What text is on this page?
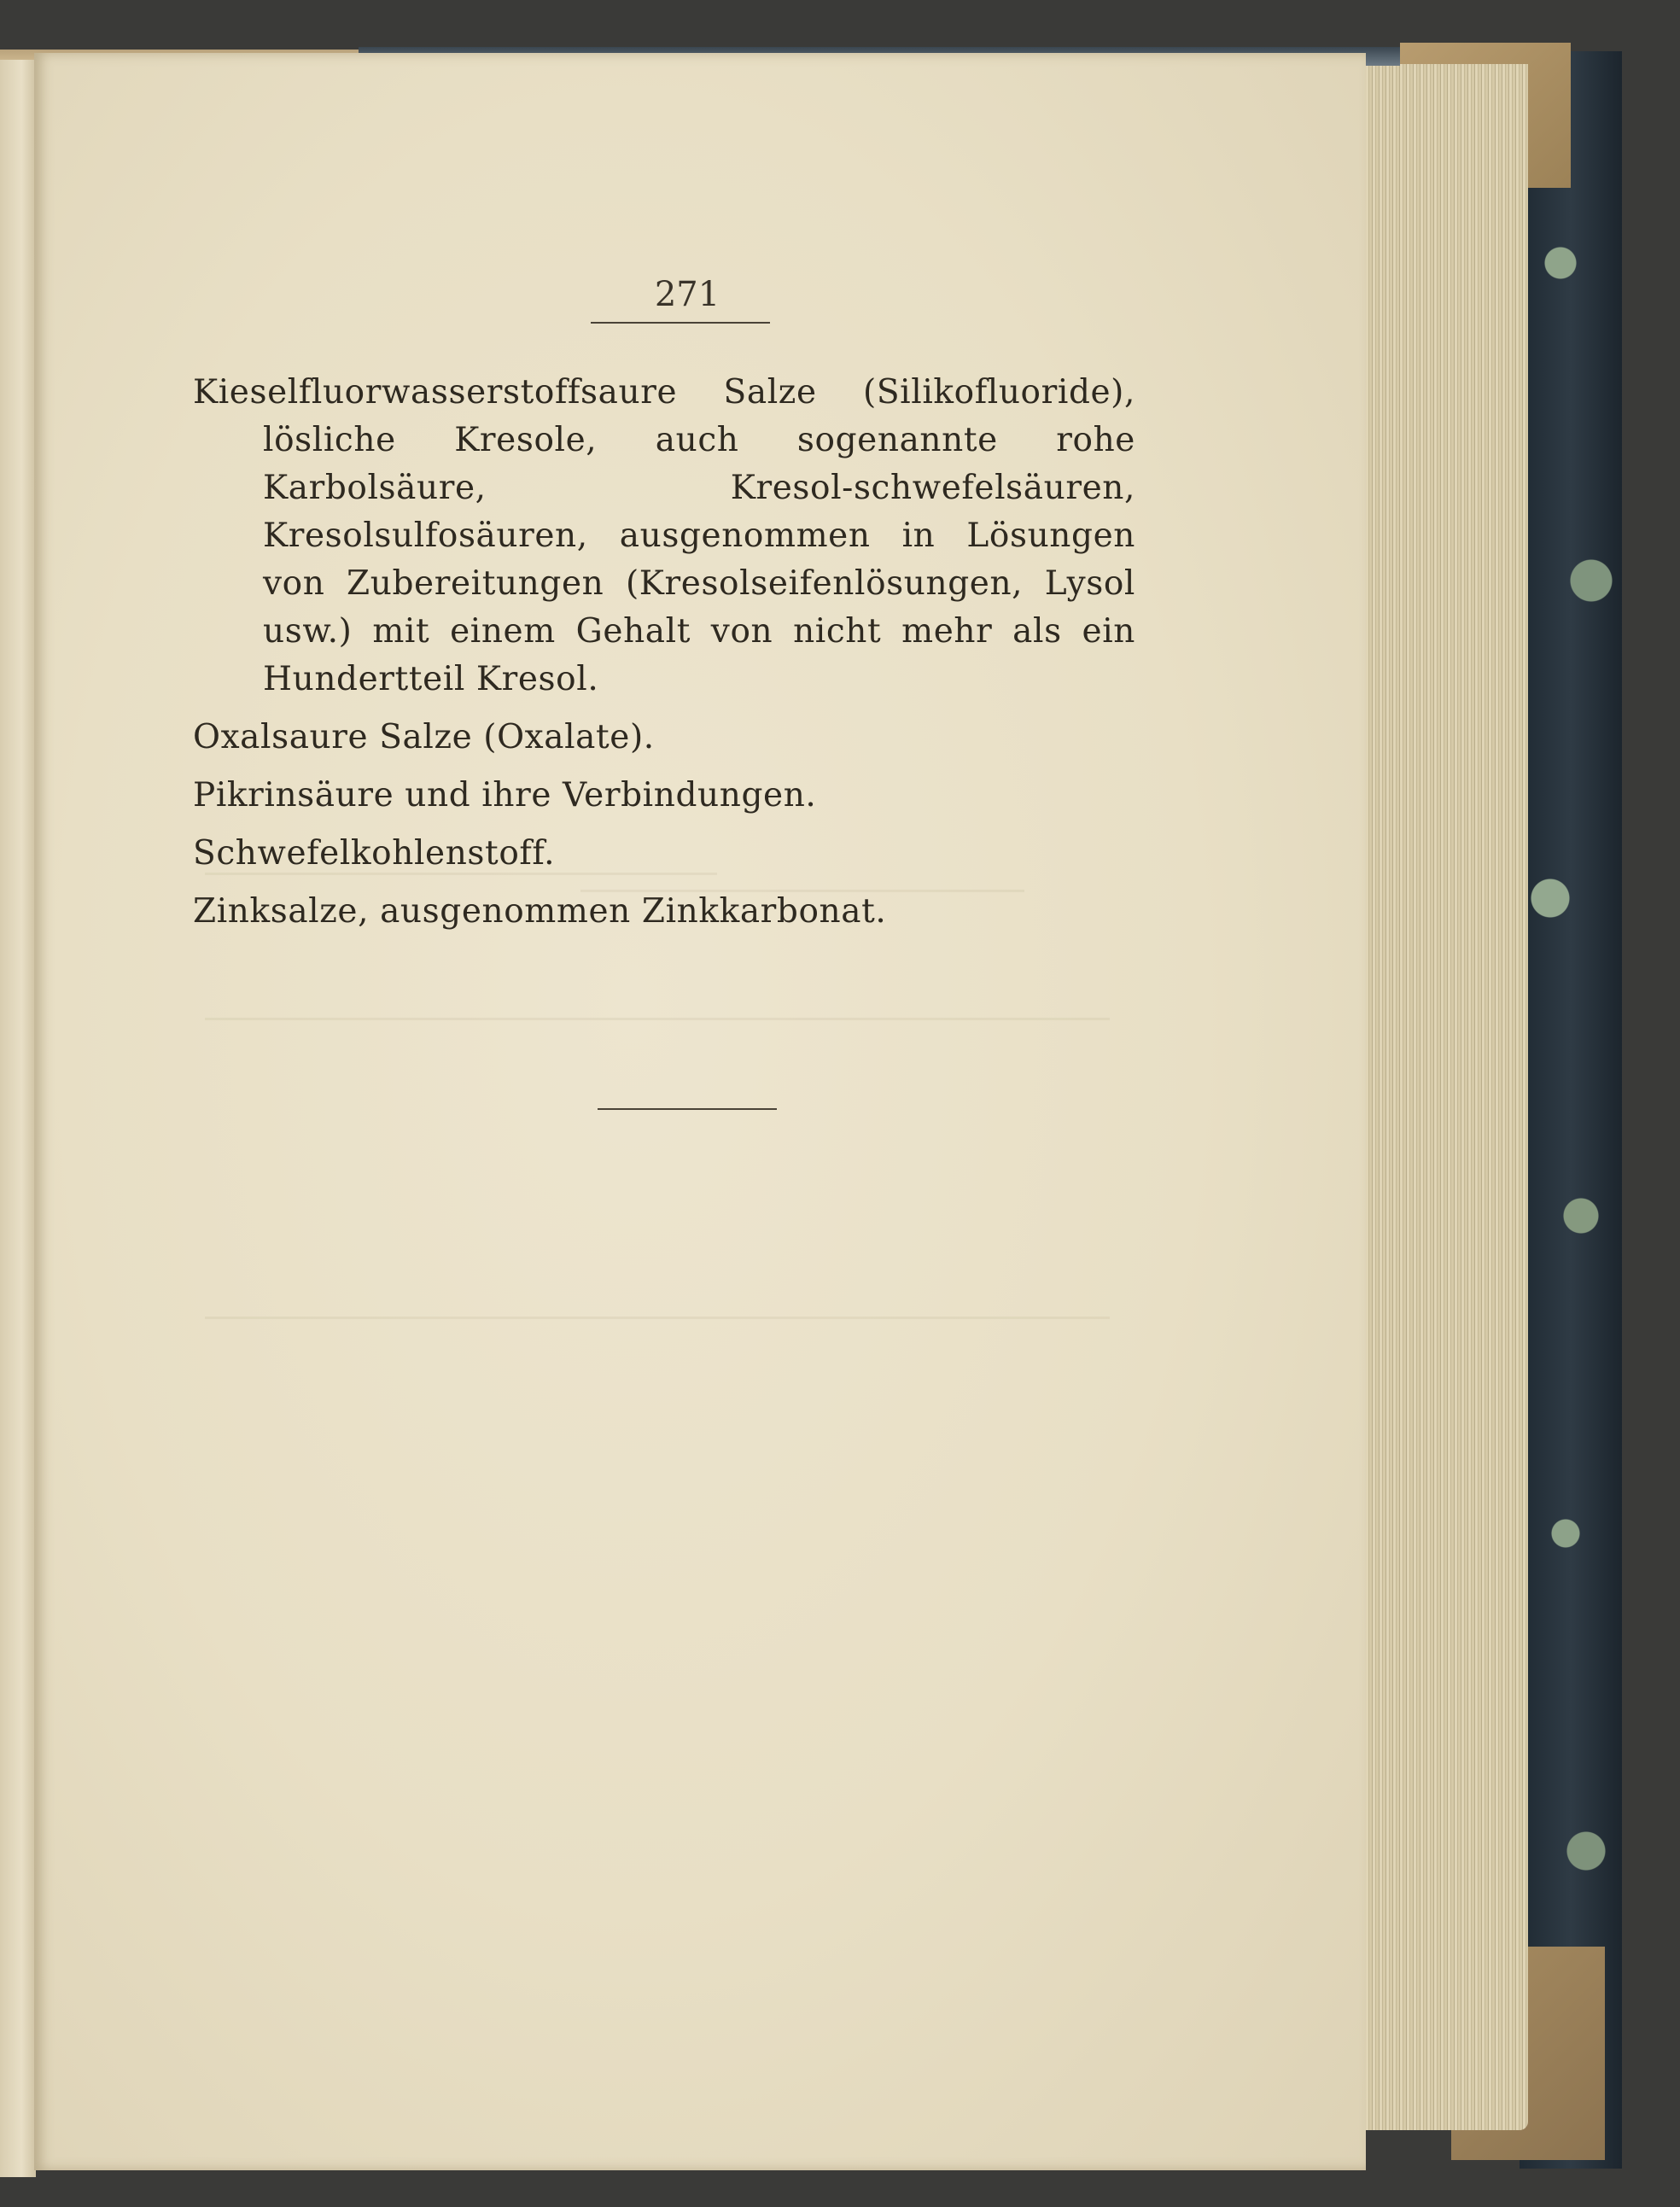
271
Kieselfluorwasserstoffsaure Salze (Silikofluoride), lösliche Kresole, auch sogenannte rohe Karbolsäure, Kresol-schwefelsäuren, Kresolsulfosäuren, ausgenommen in Lösungen von Zubereitungen (Kresolseifenlösungen, Lysol usw.) mit einem Gehalt von nicht mehr als ein Hundertteil Kresol.
Oxalsaure Salze (Oxalate).
Pikrinsäure und ihre Verbindungen.
Schwefelkohlenstoff.
Zinksalze, ausgenommen Zinkkarbonat.
